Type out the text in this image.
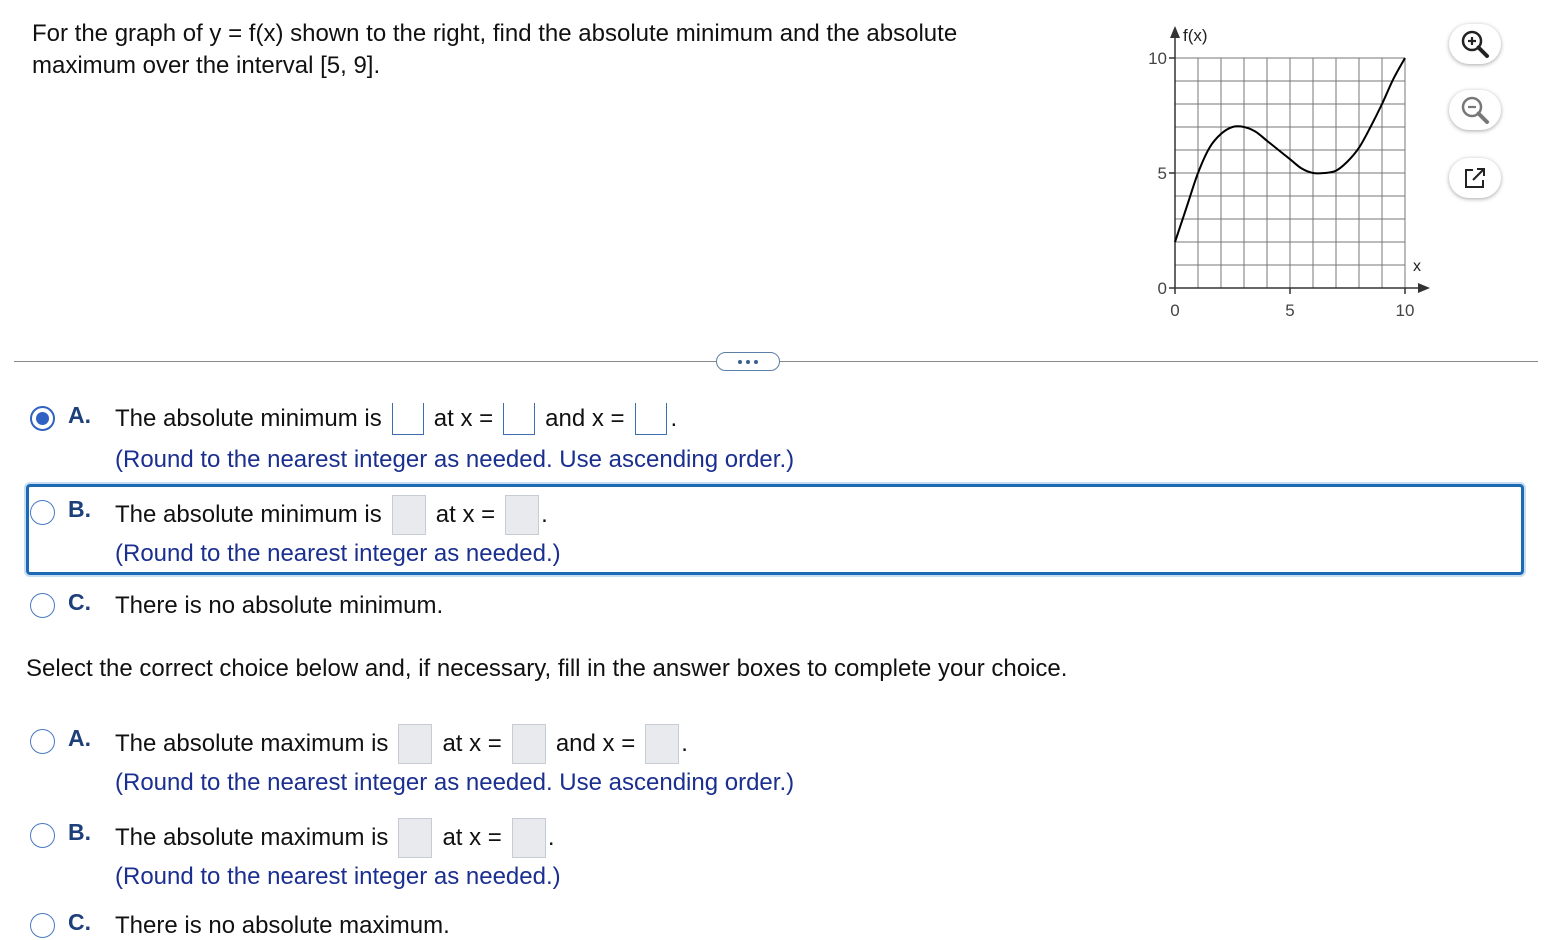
For the graph of y = f(x) shown to the right, find the absolute minimum and the absolute
maximum over the interval [5, 9].	10
5
0
0	5	10
f(x)
x
A. The absolute minimum is at x = and x = .
(Round to the nearest integer as needed. Use ascending order.)
B. The absolute minimum is at x = .
(Round to the nearest integer as needed.)
C. There is no absolute minimum.
Select the correct choice below and, if necessary, fill in the answer boxes to complete your choice.
A. The absolute maximum is at x = and x = .
(Round to the nearest integer as needed. Use ascending order.)
B. The absolute maximum is at x = .
(Round to the nearest integer as needed.)
C. There is no absolute maximum.
